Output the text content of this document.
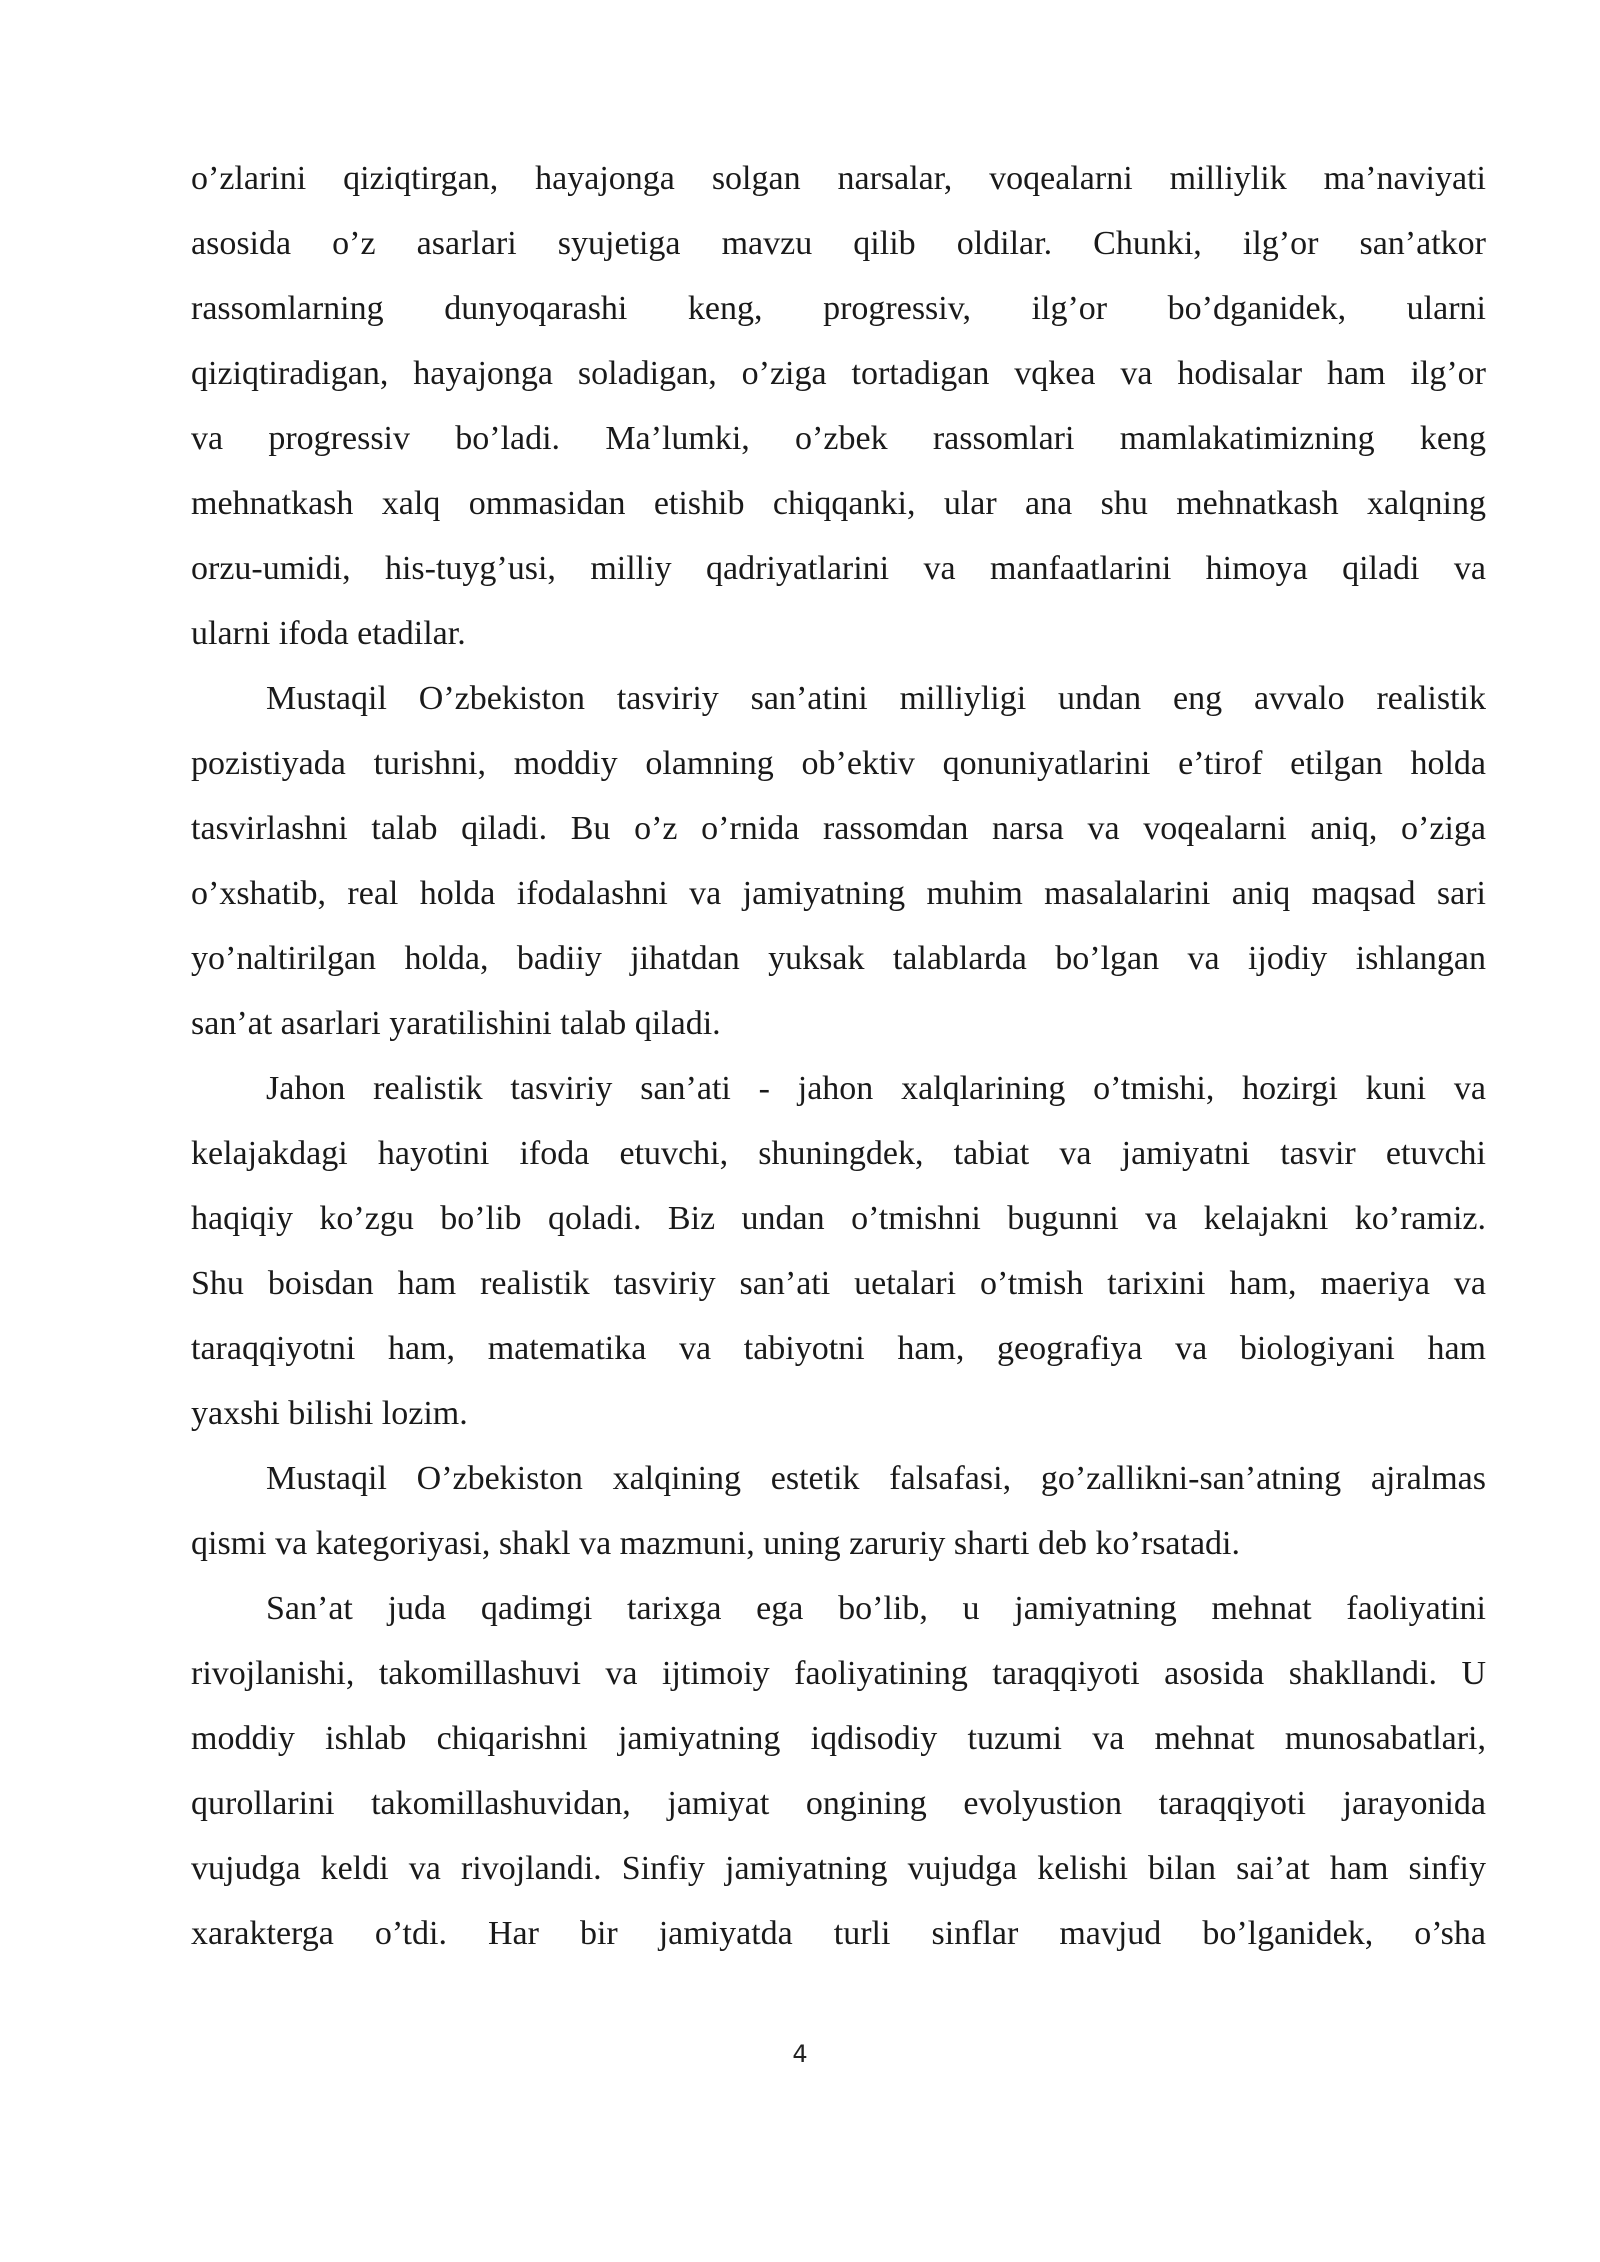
o’zlarini qiziqtirgan, hayajonga solgan narsalar, voqealarni milliylik ma’naviyati
asosida o’z asarlari syujetiga mavzu qilib oldilar. Chunki, ilg’or san’atkor
rassomlarning dunyoqarashi keng, progressiv, ilg’or bo’dganidek, ularni
qiziqtiradigan, hayajonga soladigan, o’ziga tortadigan vqkea va hodisalar ham ilg’or
va progressiv bo’ladi. Ma’lumki, o’zbek rassomlari mamlakatimizning keng
mehnatkash xalq ommasidan etishib chiqqanki, ular ana shu mehnatkash xalqning
orzu-umidi, his-tuyg’usi, milliy qadriyatlarini va manfaatlarini himoya qiladi va
ularni ifoda etadilar.
Mustaqil O’zbekiston tasviriy san’atini milliyligi undan eng avvalo realistik
pozistiyada turishni, moddiy olamning ob’ektiv qonuniyatlarini e’tirof etilgan holda
tasvirlashni talab qiladi. Bu o’z o’rnida rassomdan narsa va voqealarni aniq, o’ziga
o’xshatib, real holda ifodalashni va jamiyatning muhim masalalarini aniq maqsad sari
yo’naltirilgan holda, badiiy jihatdan yuksak talablarda bo’lgan va ijodiy ishlangan
san’at asarlari yaratilishini talab qiladi.
Jahon realistik tasviriy san’ati - jahon xalqlarining o’tmishi, hozirgi kuni va
kelajakdagi hayotini ifoda etuvchi, shuningdek, tabiat va jamiyatni tasvir etuvchi
haqiqiy ko’zgu bo’lib qoladi. Biz undan o’tmishni bugunni va kelajakni ko’ramiz.
Shu boisdan ham realistik tasviriy san’ati uetalari o’tmish tarixini ham, maeriya va
taraqqiyotni ham, matematika va tabiyotni ham, geografiya va biologiyani ham
yaxshi bilishi lozim.
Mustaqil O’zbekiston xalqining estetik falsafasi, go’zallikni-san’atning ajralmas
qismi va kategoriyasi, shakl va mazmuni, uning zaruriy sharti deb ko’rsatadi.
San’at juda qadimgi tarixga ega bo’lib, u jamiyatning mehnat faoliyatini
rivojlanishi, takomillashuvi va ijtimoiy faoliyatining taraqqiyoti asosida shakllandi. U
moddiy ishlab chiqarishni jamiyatning iqdisodiy tuzumi va mehnat munosabatlari,
qurollarini takomillashuvidan, jamiyat ongining evolyustion taraqqiyoti jarayonida
vujudga keldi va rivojlandi. Sinfiy jamiyatning vujudga kelishi bilan sai’at ham sinfiy
xarakterga o’tdi. Har bir jamiyatda turli sinflar mavjud bo’lganidek, o’sha
4
